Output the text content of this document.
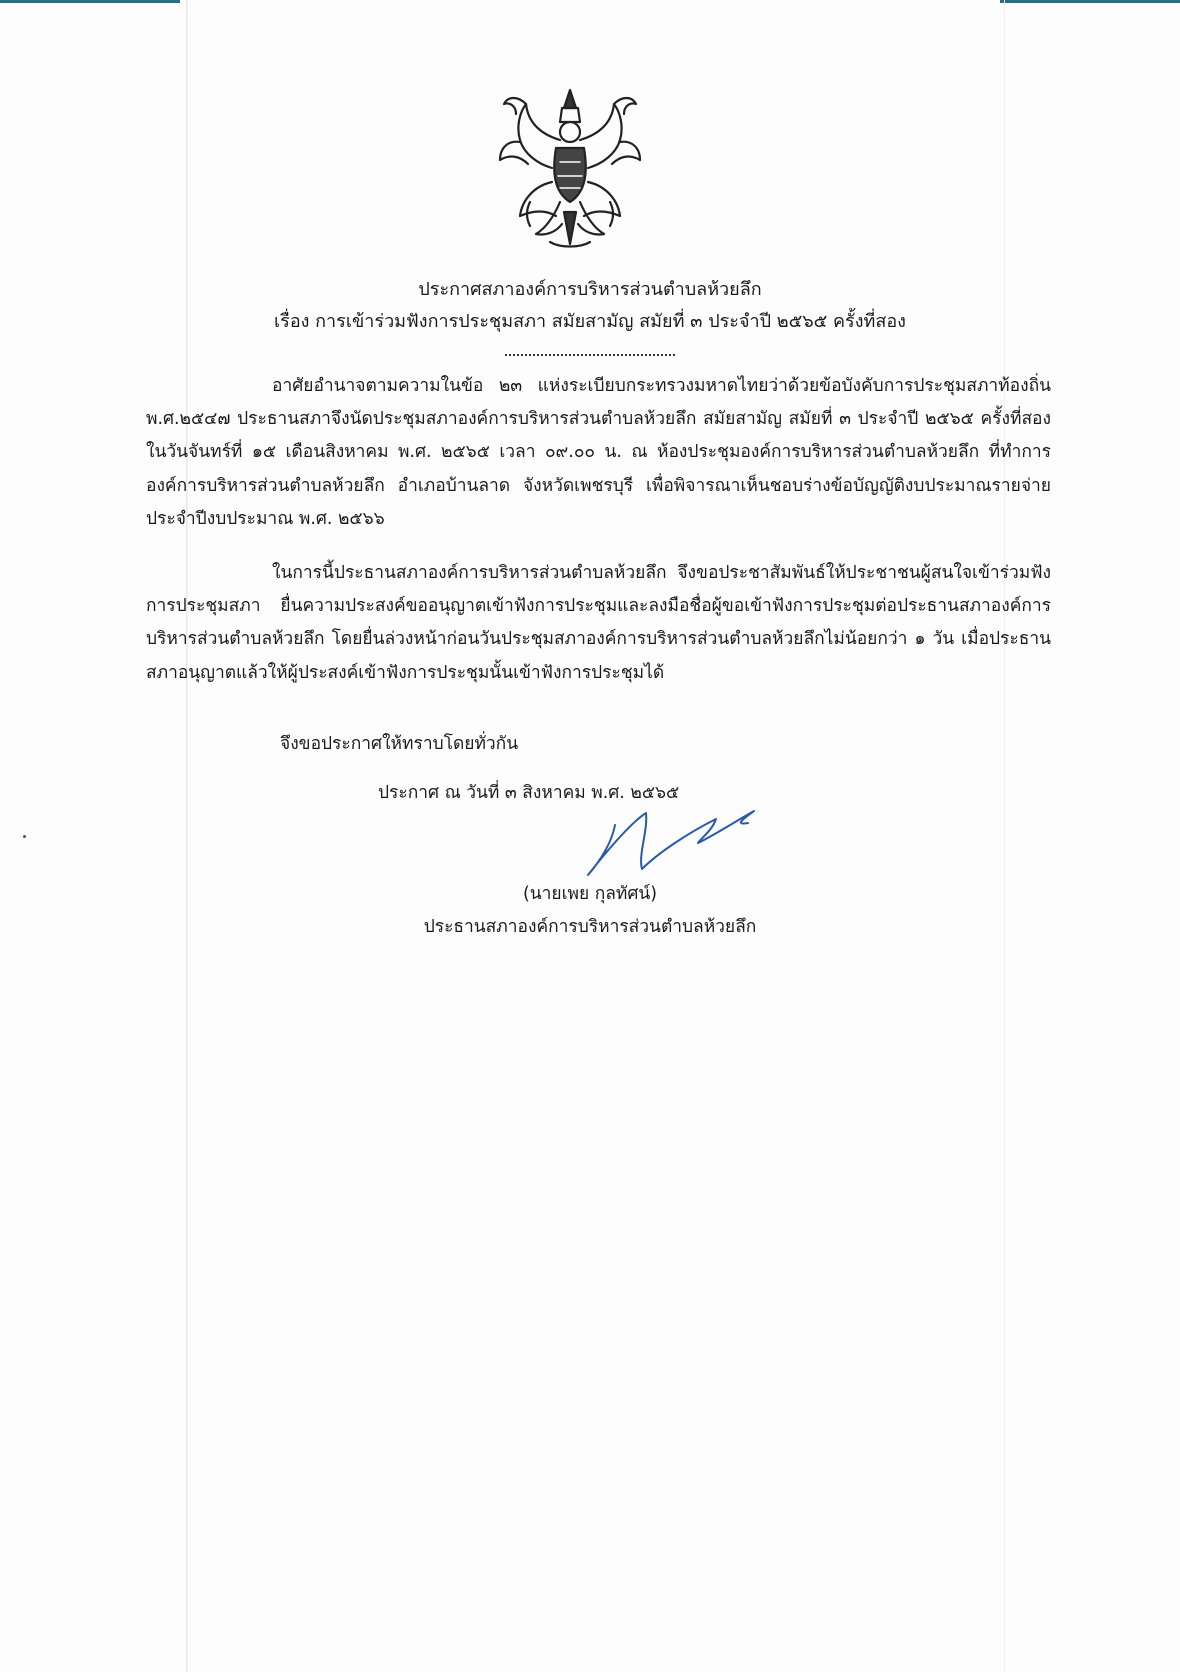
ประกาศสภาองค์การบริหารส่วนตำบลห้วยลึก
เรื่อง การเข้าร่วมฟังการประชุมสภา สมัยสามัญ สมัยที่ ๓ ประจำปี ๒๕๖๕ ครั้งที่สอง
อาศัยอำนาจตามความในข้อ ๒๓ แห่งระเบียบกระทรวงมหาดไทยว่าด้วยข้อบังคับการประชุมสภาท้องถิ่น พ.ศ.๒๕๔๗ ประธานสภาจึงนัดประชุมสภาองค์การบริหารส่วนตำบลห้วยลึก สมัยสามัญ สมัยที่ ๓ ประจำปี ๒๕๖๕ ครั้งที่สอง ในวันจันทร์ที่ ๑๕ เดือนสิงหาคม พ.ศ. ๒๕๖๕ เวลา ๐๙.๐๐ น. ณ ห้องประชุมองค์การบริหารส่วนตำบลห้วยลึก ที่ทำการองค์การบริหารส่วนตำบลห้วยลึก อำเภอบ้านลาด จังหวัดเพชรบุรี เพื่อพิจารณาเห็นชอบร่างข้อบัญญัติงบประมาณรายจ่าย ประจำปีงบประมาณ พ.ศ. ๒๕๖๖
ในการนี้ประธานสภาองค์การบริหารส่วนตำบลห้วยลึก จึงขอประชาสัมพันธ์ให้ประชาชนผู้สนใจเข้าร่วมฟังการประชุมสภา ยื่นความประสงค์ขออนุญาตเข้าฟังการประชุมและลงมือชื่อผู้ขอเข้าฟังการประชุมต่อประธานสภาองค์การบริหารส่วนตำบลห้วยลึก โดยยื่นล่วงหน้าก่อนวันประชุมสภาองค์การบริหารส่วนตำบลห้วยลึกไม่น้อยกว่า ๑ วัน เมื่อประธานสภาอนุญาตแล้วให้ผู้ประสงค์เข้าฟังการประชุมนั้นเข้าฟังการประชุมได้
จึงขอประกาศให้ทราบโดยทั่วกัน
ประกาศ ณ วันที่ ๓ สิงหาคม พ.ศ. ๒๕๖๕
(นายเพย กุลทัศน์)
ประธานสภาองค์การบริหารส่วนตำบลห้วยลึก
